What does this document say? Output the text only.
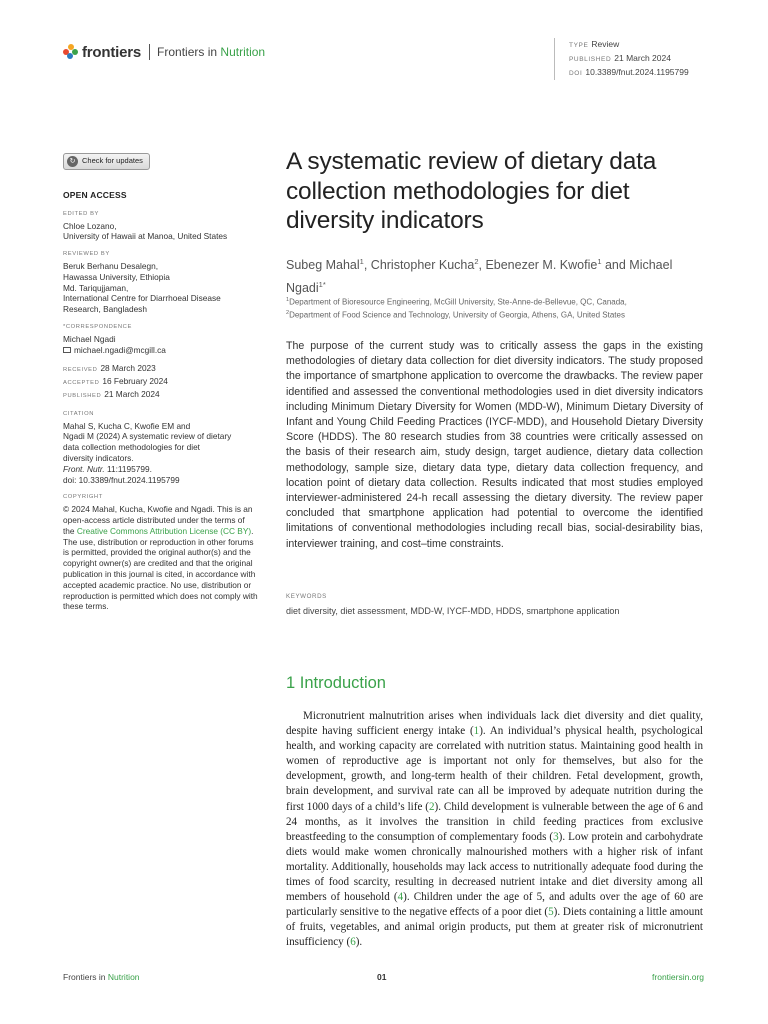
frontiers Frontiers in Nutrition	TYPE Review
PUBLISHED 21 March 2024
DOI 10.3389/fnut.2024.1195799
↻ Check for updates
OPEN ACCESS
EDITED BY
Chloe Lozano,
University of Hawaii at Manoa, United States
REVIEWED BY
Beruk Berhanu Desalegn,
Hawassa University, Ethiopia
Md. Tariqujjaman,
International Centre for Diarrhoeal Disease
Research, Bangladesh
*CORRESPONDENCE
Michael Ngadi
michael.ngadi@mcgill.ca
RECEIVED 28 March 2023
ACCEPTED 16 February 2024
PUBLISHED 21 March 2024
CITATION
Mahal S, Kucha C, Kwofie EM and
Ngadi M (2024) A systematic review of dietary
data collection methodologies for diet
diversity indicators.
Front. Nutr. 11:1195799.
doi: 10.3389/fnut.2024.1195799
COPYRIGHT
© 2024 Mahal, Kucha, Kwofie and Ngadi. This is an open-access article distributed under the terms of the Creative Commons Attribution License (CC BY). The use, distribution or reproduction in other forums is permitted, provided the original author(s) and the copyright owner(s) are credited and that the original publication in this journal is cited, in accordance with accepted academic practice. No use, distribution or reproduction is permitted which does not comply with these terms.
A systematic review of dietary data collection methodologies for diet diversity indicators
Subeg Mahal$^1$, Christopher Kucha$^2$, Ebenezer M. Kwofie$^1$ and Michael Ngadi$^{1*}$
$^1$Department of Bioresource Engineering, McGill University, Ste-Anne-de-Bellevue, QC, Canada,
$^2$Department of Food Science and Technology, University of Georgia, Athens, GA, United States

The purpose of the current study was to critically assess the gaps in the existing methodologies of dietary data collection for diet diversity indicators. The study proposed the importance of smartphone application to overcome the drawbacks. The review paper identified and assessed the conventional methodologies used in diet diversity indicators including Minimum Dietary Diversity for Women (MDD-W), Minimum Dietary Diversity of Infant and Young Child Feeding Practices (IYCF-MDD), and Household Dietary Diversity Score (HDDS). The 80 research studies from 38 countries were critically assessed on the basis of their research aim, study design, target audience, dietary data collection methodology, sample size, dietary data type, dietary data collection frequency, and location point of dietary data collection. Results indicated that most studies employed interviewer-administered 24-h recall assessing the dietary diversity. The review paper concluded that smartphone application had potential to overcome the identified limitations of conventional methodologies including recall bias, social-desirability bias, interviewer training, and cost–time constraints.

KEYWORDS
diet diversity, diet assessment, MDD-W, IYCF-MDD, HDDS, smartphone application
1 Introduction

Micronutrient malnutrition arises when individuals lack diet diversity and diet quality, despite having sufficient energy intake (1). An individual’s physical health, psychological health, and working capacity are correlated with nutrition status. Maintaining good health in women of reproductive age is important not only for themselves, but also for the development, growth, and long-term health of their children. Fetal development, growth, brain development, and survival rate can all be improved by adequate nutrition during the first 1000 days of a child’s life (2). Child development is vulnerable between the age of 6 and 24 months, as it involves the transition in child feeding practices from exclusive breastfeeding to the consumption of complementary foods (3). Low protein and carbohydrate diets would make women chronically malnourished mothers with a higher risk of infant mortality. Additionally, households may lack access to nutritionally adequate food during the times of food scarcity, resulting in decreased nutrient intake and diet diversity among all members of household (4). Children under the age of 5, and adults over the age of 60 are particularly sensitive to the negative effects of a poor diet (5). Diets containing a little amount of fruits, vegetables, and animal origin products, put them at greater risk of micronutrient insufficiency (6).

Frontiers in Nutrition	01	frontiersin.org
